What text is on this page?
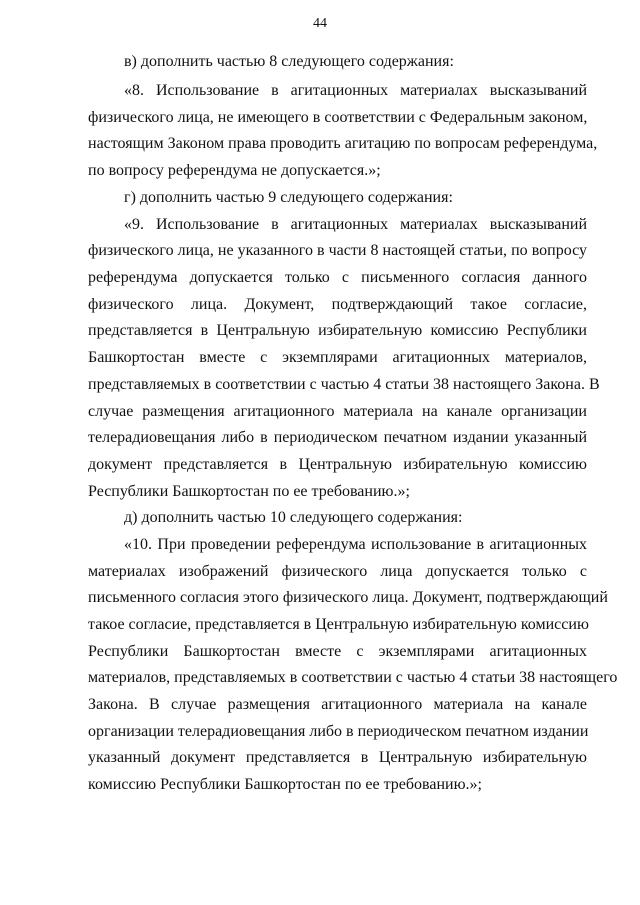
44
в) дополнить частью 8 следующего содержания:
«8. Использование в агитационных материалах высказываний
физического лица, не имеющего в соответствии с Федеральным законом,
настоящим Законом права проводить агитацию по вопросам референдума,
по вопросу референдума не допускается.»;
г) дополнить частью 9 следующего содержания:
«9. Использование в агитационных материалах высказываний
физического лица, не указанного в части 8 настоящей статьи, по вопросу
референдума допускается только с письменного согласия данного
физического лица. Документ, подтверждающий такое согласие,
представляется в Центральную избирательную комиссию Республики
Башкортостан вместе с экземплярами агитационных материалов,
представляемых в соответствии с частью 4 статьи 38 настоящего Закона. В
случае размещения агитационного материала на канале организации
телерадиовещания либо в периодическом печатном издании указанный
документ представляется в Центральную избирательную комиссию
Республики Башкортостан по ее требованию.»;
д) дополнить частью 10 следующего содержания:
«10. При проведении референдума использование в агитационных
материалах изображений физического лица допускается только с
письменного согласия этого физического лица. Документ, подтверждающий
такое согласие, представляется в Центральную избирательную комиссию
Республики Башкортостан вместе с экземплярами агитационных
материалов, представляемых в соответствии с частью 4 статьи 38 настоящего
Закона. В случае размещения агитационного материала на канале
организации телерадиовещания либо в периодическом печатном издании
указанный документ представляется в Центральную избирательную
комиссию Республики Башкортостан по ее требованию.»;
